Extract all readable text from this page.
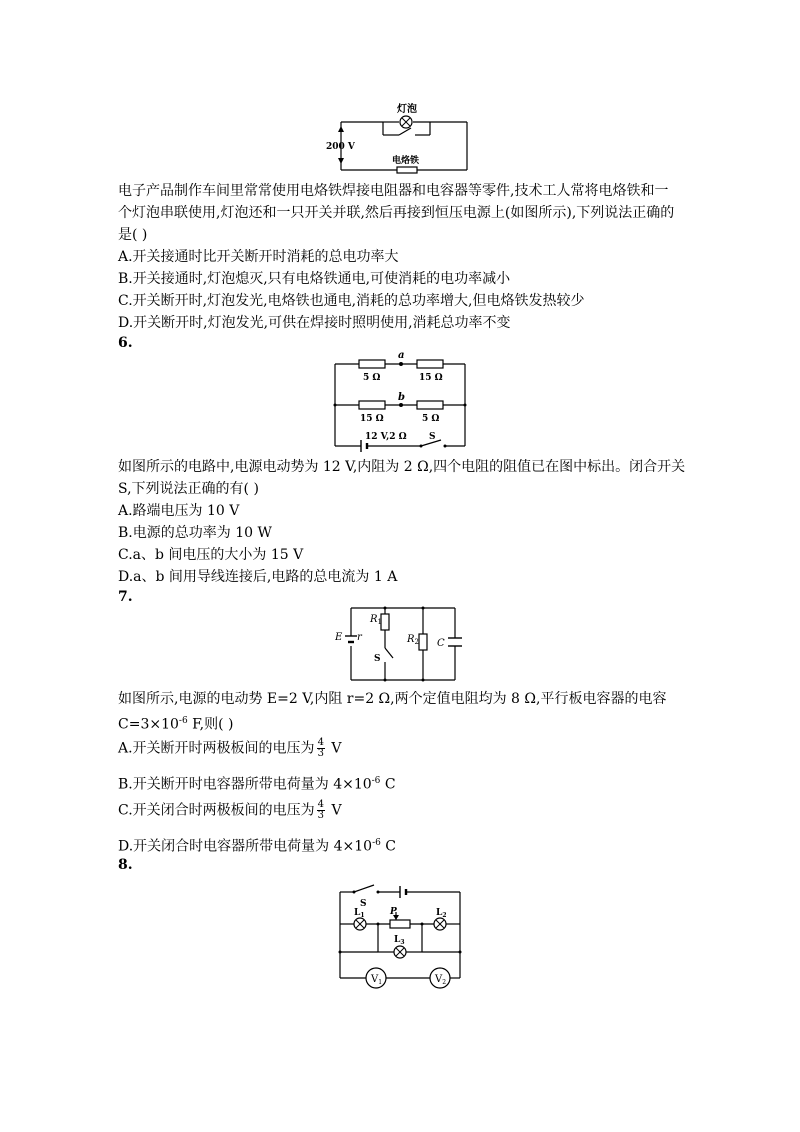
灯泡
200 V
电烙铁
电子产品制作车间里常常使用电烙铁焊接电阻器和电容器等零件,技术工人常将电烙铁和一
个灯泡串联使用,灯泡还和一只开关并联,然后再接到恒压电源上(如图所示),下列说法正确的
是( )
A.开关接通时比开关断开时消耗的总电功率大
B.开关接通时,灯泡熄灭,只有电烙铁通电,可使消耗的电功率减小
C.开关断开时,灯泡发光,电烙铁也通电,消耗的总功率增大,但电烙铁发热较少
D.开关断开时,灯泡发光,可供在焊接时照明使用,消耗总功率不变
6.
a
b
5 Ω	15 Ω
15 Ω	5 Ω
12 V,2 Ω S
如图所示的电路中,电源电动势为 12 V,内阻为 2 Ω,四个电阻的阻值已在图中标出。闭合开关
S,下列说法正确的有( )
A.路端电压为 10 V
B.电源的总功率为 10 W
C.a、b 间电压的大小为 15 V
D.a、b 间用导线连接后,电路的总电流为 1 A
7.
E r
$R_1$
$R_2$
S
C
如图所示,电源的电动势 E=2 V,内阻 r=2 Ω,两个定值电阻均为 8 Ω,平行板电容器的电容
$C=3\times 10^{-6}$ F,则( )
A.开关断开时两极板间的电压为 $\frac{4}{3}$ V
B.开关断开时电容器所带电荷量为 $4\times 10^{-6}$ C
C.开关闭合时两极板间的电压为 $\frac{4}{3}$ V
D.开关闭合时电容器所带电荷量为 $4\times 10^{-6}$ C
8.
S
$L_1$	$L_2$
$L_3$
P
$V_1$	$V_2$
